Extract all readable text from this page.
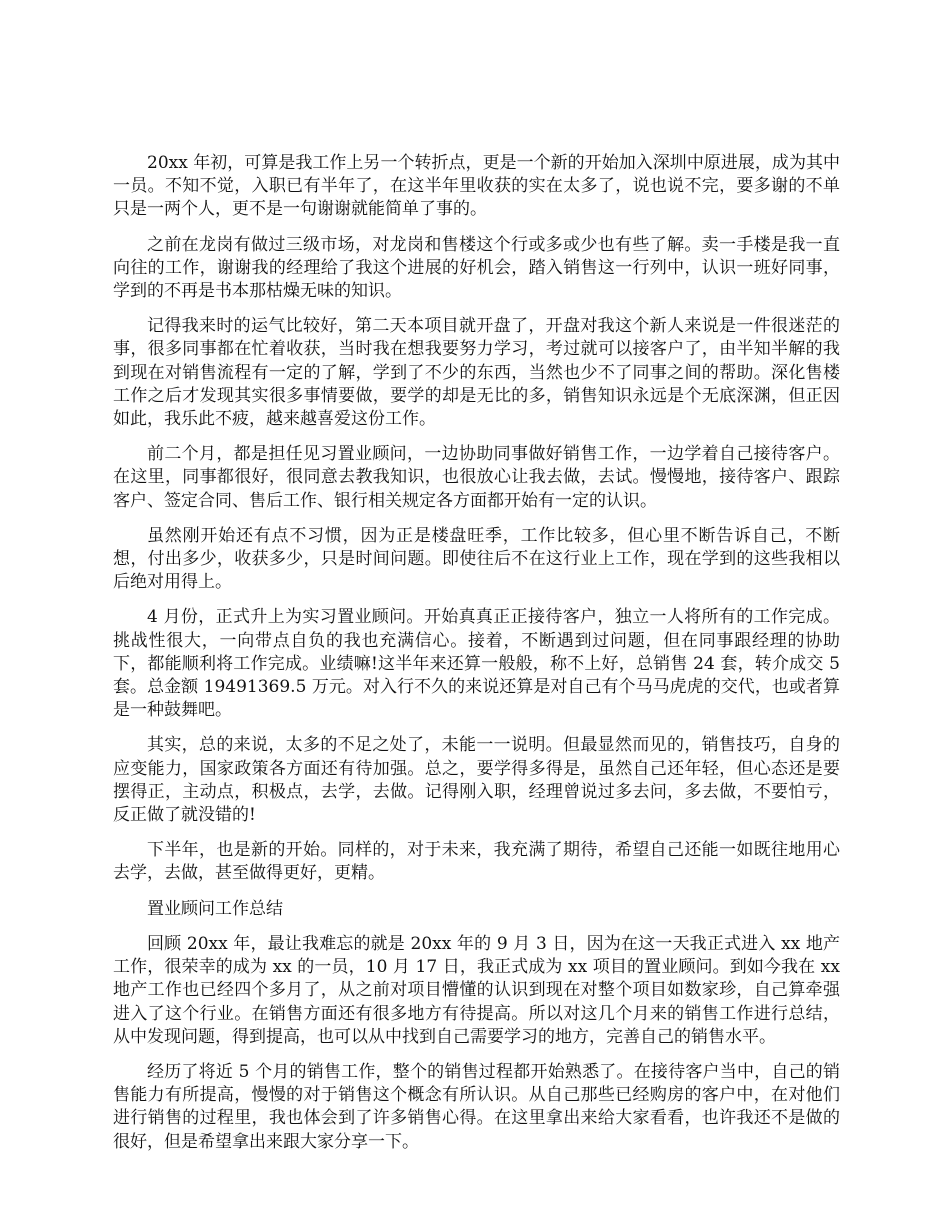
20xx 年初，可算是我工作上另一个转折点，更是一个新的开始加入深圳中原进展，成为其中一员。不知不觉，入职已有半年了，在这半年里收获的实在太多了，说也说不完，要多谢的不单只是一两个人，更不是一句谢谢就能简单了事的。

之前在龙岗有做过三级市场，对龙岗和售楼这个行或多或少也有些了解。卖一手楼是我一直向往的工作，谢谢我的经理给了我这个进展的好机会，踏入销售这一行列中，认识一班好同事，学到的不再是书本那枯燥无味的知识。

记得我来时的运气比较好，第二天本项目就开盘了，开盘对我这个新人来说是一件很迷茫的事，很多同事都在忙着收获，当时我在想我要努力学习，考过就可以接客户了，由半知半解的我到现在对销售流程有一定的了解，学到了不少的东西，当然也少不了同事之间的帮助。深化售楼工作之后才发现其实很多事情要做，要学的却是无比的多，销售知识永远是个无底深渊，但正因如此，我乐此不疲，越来越喜爱这份工作。

前二个月，都是担任见习置业顾问，一边协助同事做好销售工作，一边学着自己接待客户。在这里，同事都很好，很同意去教我知识，也很放心让我去做，去试。慢慢地，接待客户、跟踪客户、签定合同、售后工作、银行相关规定各方面都开始有一定的认识。

虽然刚开始还有点不习惯，因为正是楼盘旺季，工作比较多，但心里不断告诉自己，不断想，付出多少，收获多少，只是时间问题。即使往后不在这行业上工作，现在学到的这些我相以后绝对用得上。

4 月份，正式升上为实习置业顾问。开始真真正正接待客户，独立一人将所有的工作完成。挑战性很大，一向带点自负的我也充满信心。接着，不断遇到过问题，但在同事跟经理的协助下，都能顺利将工作完成。业绩嘛!这半年来还算一般般，称不上好，总销售 24 套，转介成交 5 套。总金额 19491369.5 万元。对入行不久的来说还算是对自己有个马马虎虎的交代，也或者算是一种鼓舞吧。

其实，总的来说，太多的不足之处了，未能一一说明。但最显然而见的，销售技巧，自身的应变能力，国家政策各方面还有待加强。总之，要学得多得是，虽然自己还年轻，但心态还是要摆得正，主动点，积极点，去学，去做。记得刚入职，经理曾说过多去问，多去做，不要怕亏，反正做了就没错的!

下半年，也是新的开始。同样的，对于未来，我充满了期待，希望自己还能一如既往地用心去学，去做，甚至做得更好，更精。

置业顾问工作总结

回顾 20xx 年，最让我难忘的就是 20xx 年的 9 月 3 日，因为在这一天我正式进入 xx 地产工作，很荣幸的成为 xx 的一员，10 月 17 日，我正式成为 xx 项目的置业顾问。到如今我在 xx 地产工作也已经四个多月了，从之前对项目懵懂的认识到现在对整个项目如数家珍，自己算牵强进入了这个行业。在销售方面还有很多地方有待提高。所以对这几个月来的销售工作进行总结，从中发现问题，得到提高，也可以从中找到自己需要学习的地方，完善自己的销售水平。

经历了将近 5 个月的销售工作，整个的销售过程都开始熟悉了。在接待客户当中，自己的销售能力有所提高，慢慢的对于销售这个概念有所认识。从自己那些已经购房的客户中，在对他们进行销售的过程里，我也体会到了许多销售心得。在这里拿出来给大家看看，也许我还不是做的很好，但是希望拿出来跟大家分享一下。
